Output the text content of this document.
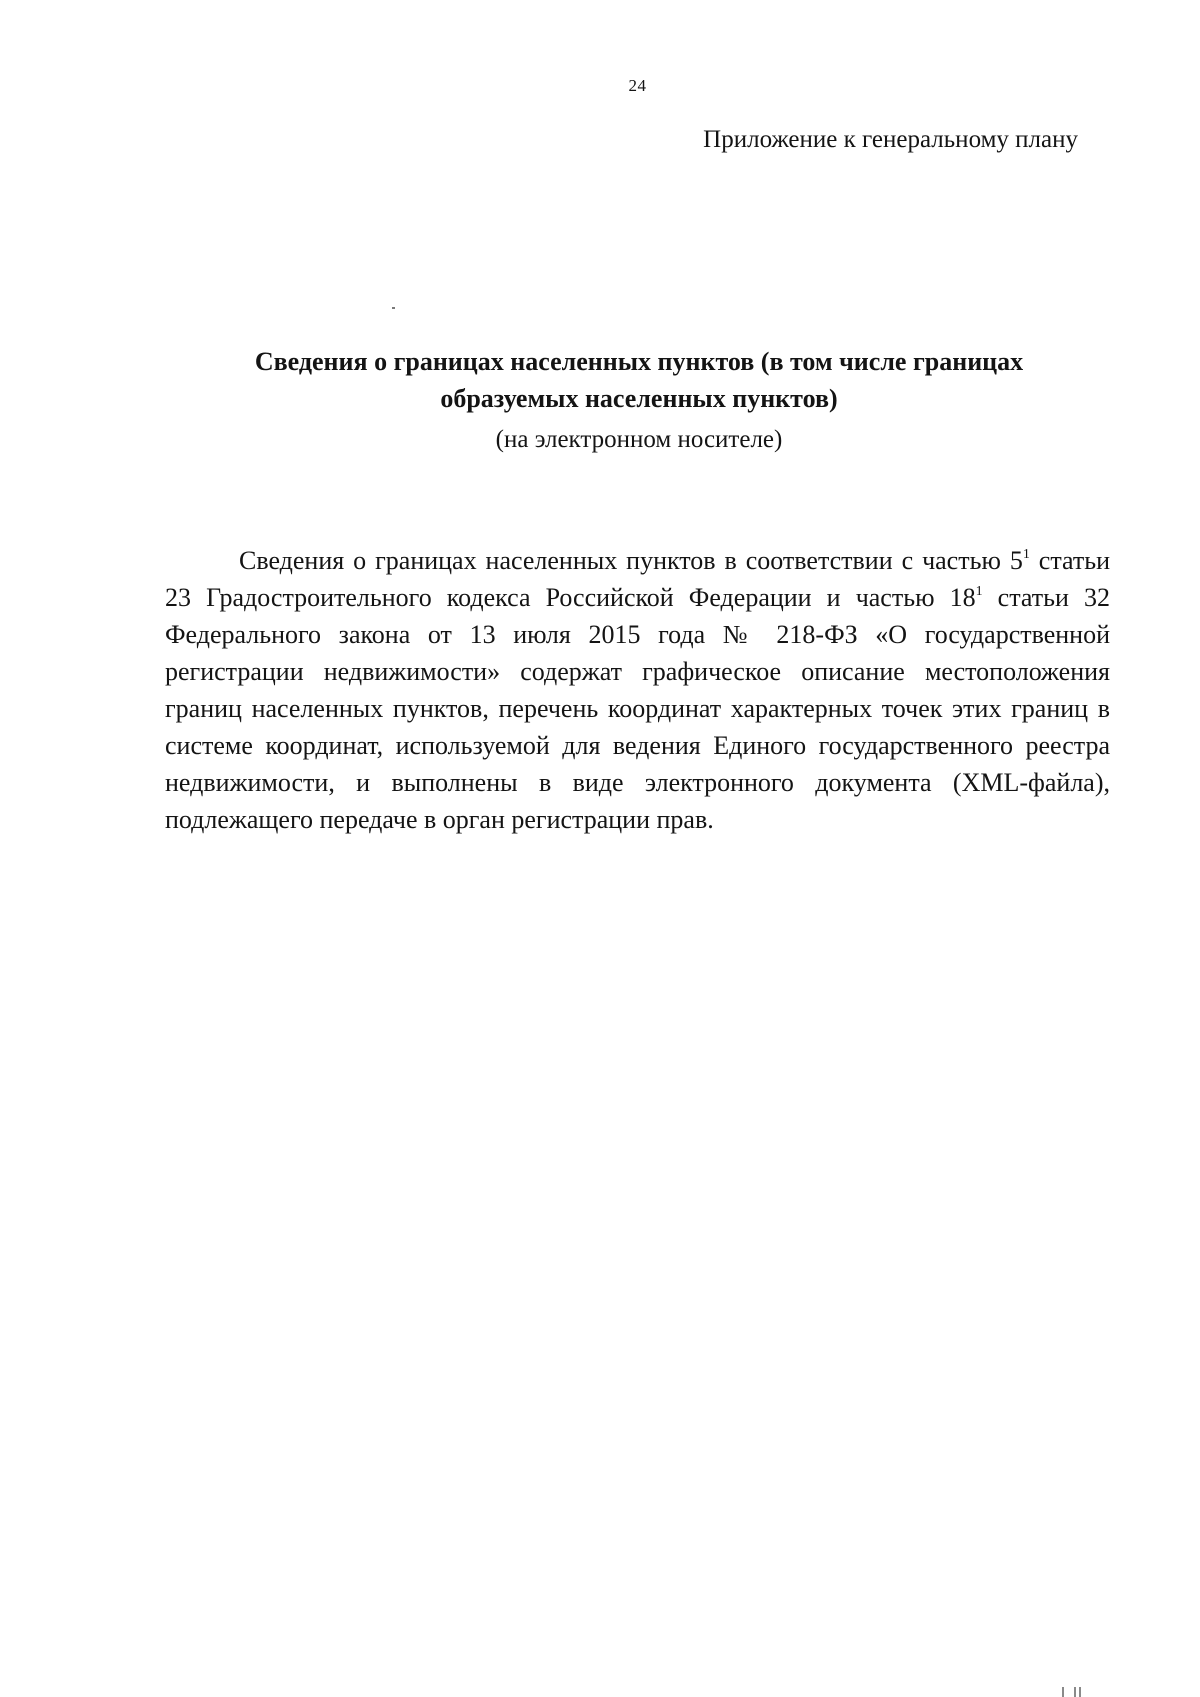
24
Приложение к генеральному плану
Сведения о границах населенных пунктов (в том числе границах
образуемых населенных пунктов)
(на электронном носителе)

Сведения о границах населенных пунктов в соответствии с частью $5^1$ статьи 23 Градостроительного кодекса Российской Федерации и частью $18^1$ статьи 32 Федерального закона от 13 июля 2015 года № 218-ФЗ «О государственной регистрации недвижимости» содержат графическое описание местоположения границ населенных пунктов, перечень координат характерных точек этих границ в системе координат, используемой для ведения Единого государственного реестра недвижимости, и выполнены в виде электронного документа (XML-файла), подлежащего передаче в орган регистрации прав.
